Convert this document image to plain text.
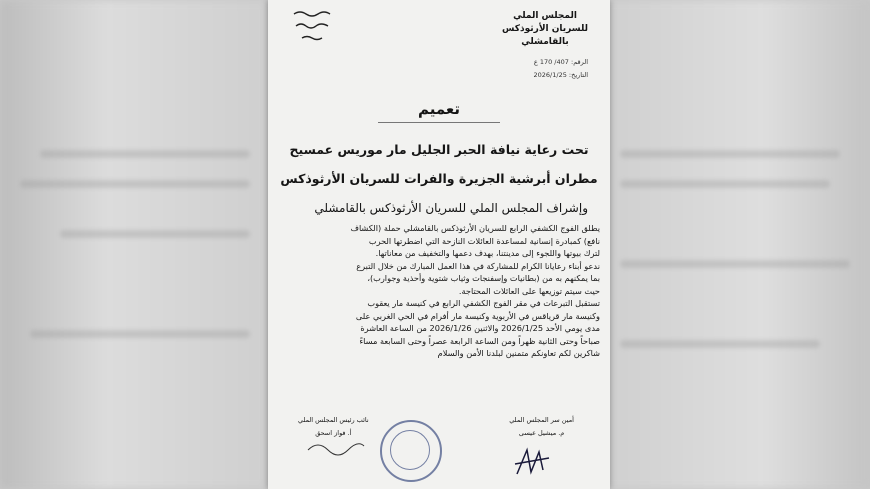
المجلس الملي
للسريان الأرثوذكس
بالقامشلي
الرقم: 407/ 170 ع
التاريخ: 2026/1/25
تعميم
تحت رعاية نيافة الحبر الجليل مار موريس عمسيح
مطران أبرشية الجزيرة والفرات للسريان الأرثوذكس
وإشراف المجلس الملي للسريان الأرثوذكس بالقامشلي

يطلق الفوج الكشفي الرابع للسريان الأرثوذكس بالقامشلي حملة (الكشاف

نافع) كمبادرة إنسانية لمساعدة العائلات النازحة التي اضطرتها الحرب

لترك بيوتها واللجوء إلى مدينتنا، بهدف دعمها والتخفيف من معاناتها.

ندعو أبناء رعايانا الكرام للمشاركة في هذا العمل المبارك من خلال التبرع

بما يمكنهم به من (بطانيات وإسفنجات وثياب شتوية وأحذية وجوارب)،

حيث سيتم توزيعها على العائلات المحتاجة.

تستقبل التبرعات في مقر الفوج الكشفي الرابع في كنيسة مار يعقوب

وكنيسة مار قرياقس في الأربوية وكنيسة مار أفرام في الحي الغربي على

مدى يومي الأحد 2026/1/25 والاثنين 2026/1/26 من الساعة العاشرة

صباحاً وحتى الثانية ظهراً ومن الساعة الرابعة عصراً وحتى السابعة مساءً

شاكرين لكم تعاونكم متمنين لبلدنا الأمن والسلام

أمين سر المجلس الملي
م. ميشيل عيسى
نائب رئيس المجلس الملي
أ. فواز اسحق
